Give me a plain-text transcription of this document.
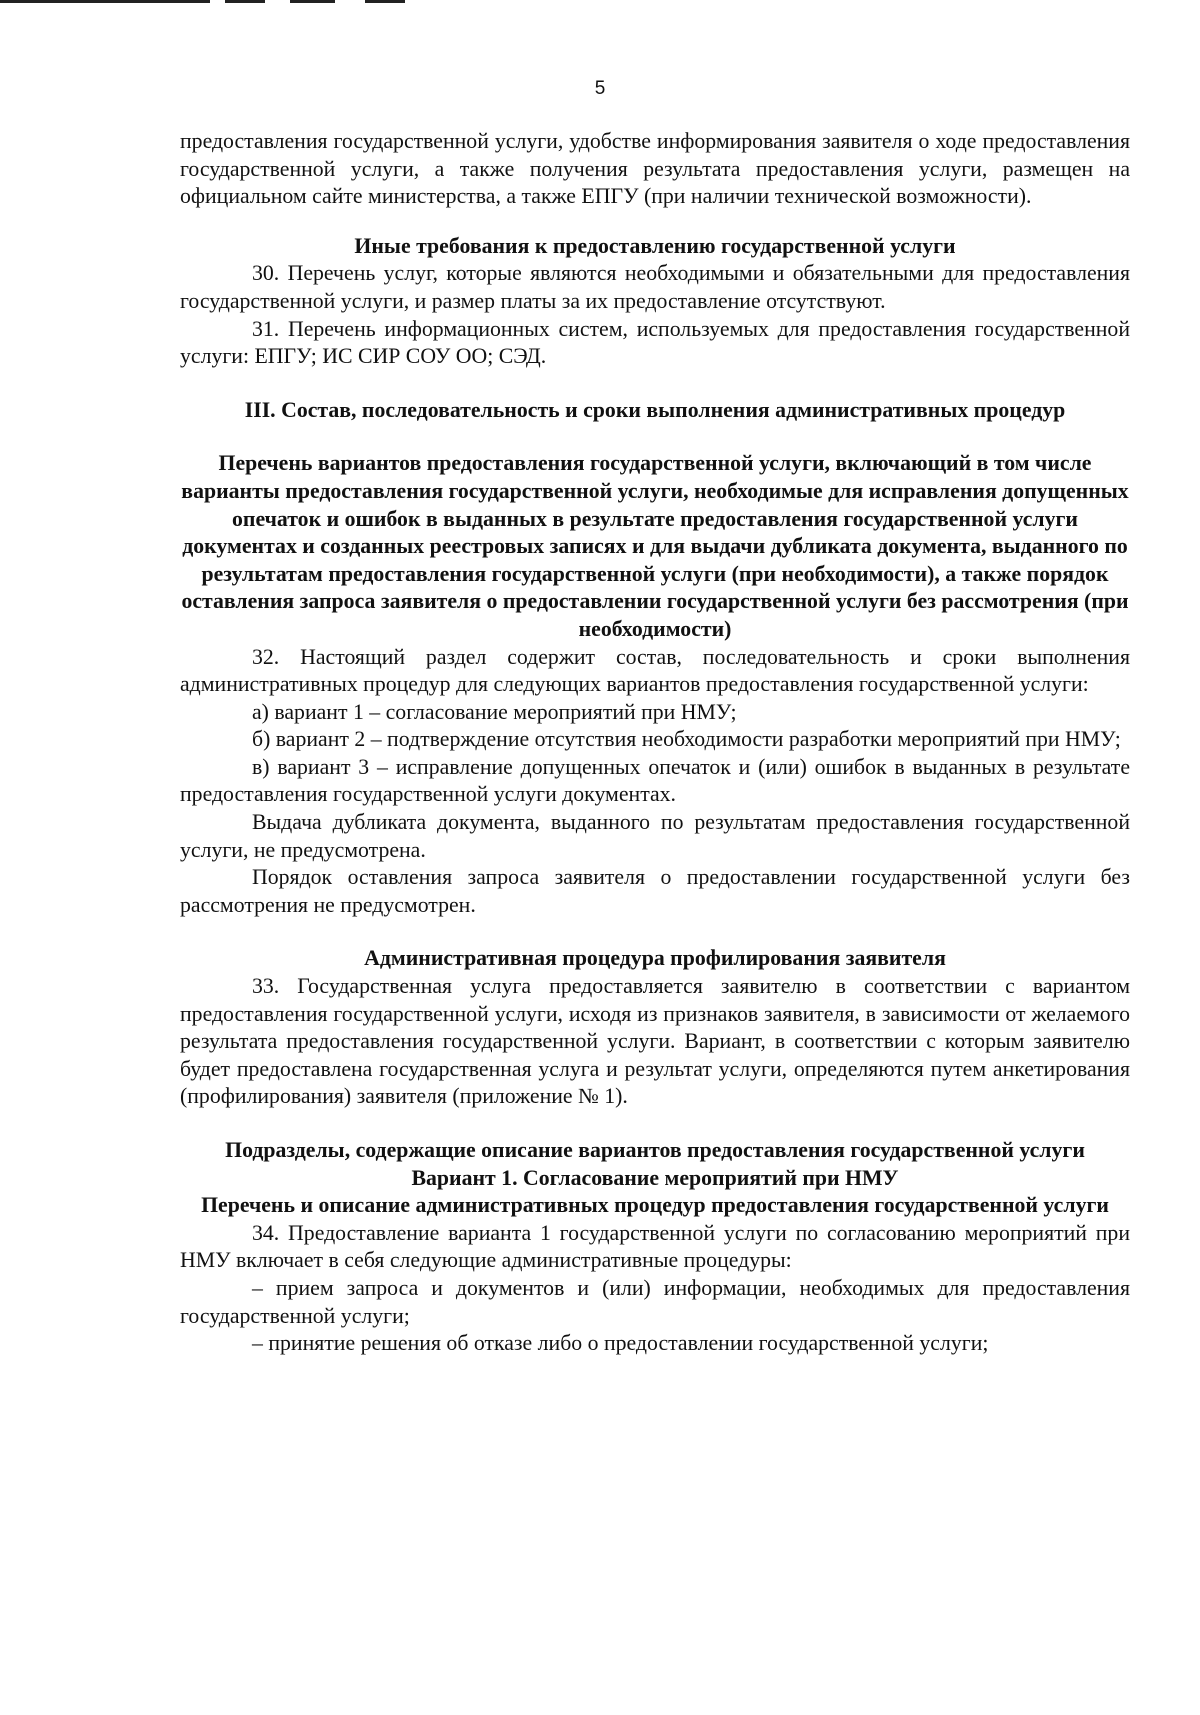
5

предоставления государственной услуги, удобстве информирования заявителя о ходе предоставления государственной услуги, а также получения результата предоставления услуги, размещен на официальном сайте министерства, а также ЕПГУ (при наличии технической возможности).

Иные требования к предоставлению государственной услуги

30. Перечень услуг, которые являются необходимыми и обязательными для предоставления государственной услуги, и размер платы за их предоставление отсутствуют.

31. Перечень информационных систем, используемых для предоставления государственной услуги: ЕПГУ; ИС СИР СОУ ОО; СЭД.

III. Состав, последовательность и сроки выполнения административных процедур

Перечень вариантов предоставления государственной услуги, включающий в том числе варианты предоставления государственной услуги, необходимые для исправления допущенных опечаток и ошибок в выданных в результате предоставления государственной услуги документах и созданных реестровых записях и для выдачи дубликата документа, выданного по результатам предоставления государственной услуги (при необходимости), а также порядок оставления запроса заявителя о предоставлении государственной услуги без рассмотрения (при необходимости)

32. Настоящий раздел содержит состав, последовательность и сроки выполнения административных процедур для следующих вариантов предоставления государственной услуги:

а) вариант 1 – согласование мероприятий при НМУ;

б) вариант 2 – подтверждение отсутствия необходимости разработки мероприятий при НМУ;

в) вариант 3 – исправление допущенных опечаток и (или) ошибок в выданных в результате предоставления государственной услуги документах.

Выдача дубликата документа, выданного по результатам предоставления государственной услуги, не предусмотрена.

Порядок оставления запроса заявителя о предоставлении государственной услуги без рассмотрения не предусмотрен.

Административная процедура профилирования заявителя

33. Государственная услуга предоставляется заявителю в соответствии с вариантом предоставления государственной услуги, исходя из признаков заявителя, в зависимости от желаемого результата предоставления государственной услуги. Вариант, в соответствии с которым заявителю будет предоставлена государственная услуга и результат услуги, определяются путем анкетирования (профилирования) заявителя (приложение № 1).

Подразделы, содержащие описание вариантов предоставления государственной услуги

Вариант 1. Согласование мероприятий при НМУ

Перечень и описание административных процедур предоставления государственной услуги

34. Предоставление варианта 1 государственной услуги по согласованию мероприятий при НМУ включает в себя следующие административные процедуры:

– прием запроса и документов и (или) информации, необходимых для предоставления государственной услуги;

– принятие решения об отказе либо о предоставлении государственной услуги;
